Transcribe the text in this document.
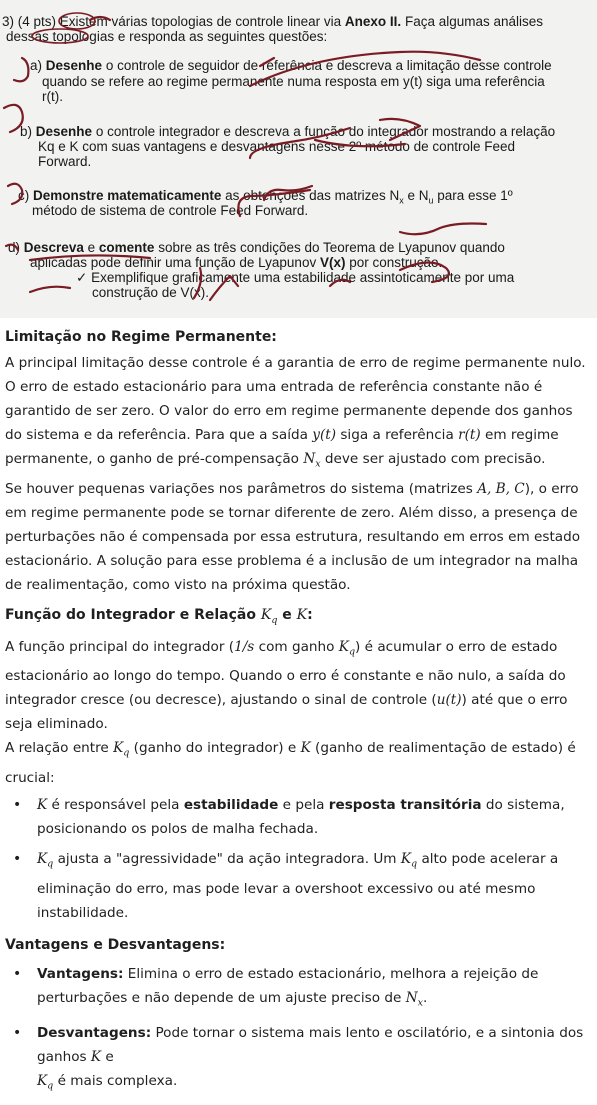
3) (4 pts) Existem várias topologias de controle linear via Anexo II. Faça algumas análises
dessas topologias e responda as seguintes questões:
a) Desenhe o controle de seguidor de referência e descreva a limitação desse controle
quando se refere ao regime permanente numa resposta em y(t) siga uma referência
r(t).
b) Desenhe o controle integrador e descreva a função do integrador mostrando a relação
Kq e K com suas vantagens e desvantagens nesse 2º método de controle Feed
Forward.
c) Demonstre matematicamente as obtenções das matrizes $N_x$ e $N_u$ para esse 1º
método de sistema de controle Feed Forward.
d) Descreva e comente sobre as três condições do Teorema de Lyapunov quando
aplicadas pode definir uma função de Lyapunov V(x) por construção.
✓ Exemplifique graficamente uma estabilidade assintoticamente por uma
construção de V(x).
Limitação no Regime Permanente:

A principal limitação desse controle é a garantia de erro de regime permanente nulo. O erro de estado estacionário para uma entrada de referência constante não é garantido de ser zero. O valor do erro em regime permanente depende dos ganhos do sistema e da referência. Para que a saída y(t) siga a referência r(t) em regime permanente, o ganho de pré-compensação $N_x$ deve ser ajustado com precisão.

Se houver pequenas variações nos parâmetros do sistema (matrizes A, B, C), o erro em regime permanente pode se tornar diferente de zero. Além disso, a presença de perturbações não é compensada por essa estrutura, resultando em erros em estado estacionário. A solução para esse problema é a inclusão de um integrador na malha de realimentação, como visto na próxima questão.

Função do Integrador e Relação $K_q$ e K:

A função principal do integrador (1/s com ganho $K_q$) é acumular o erro de estado estacionário ao longo do tempo. Quando o erro é constante e não nulo, a saída do integrador cresce (ou decresce), ajustando o sinal de controle (u(t)) até que o erro seja eliminado.

A relação entre $K_q$ (ganho do integrador) e K (ganho de realimentação de estado) é crucial:

• K é responsável pela estabilidade e pela resposta transitória do sistema, posicionando os polos de malha fechada.
• $K_q$ ajusta a "agressividade" da ação integradora. Um $K_q$ alto pode acelerar a eliminação do erro, mas pode levar a overshoot excessivo ou até mesmo instabilidade.
Vantagens e Desvantagens:
• Vantagens: Elimina o erro de estado estacionário, melhora a rejeição de perturbações e não depende de um ajuste preciso de $N_x$.
• Desvantagens: Pode tornar o sistema mais lento e oscilatório, e a sintonia dos ganhos K e
$K_q$ é mais complexa.
